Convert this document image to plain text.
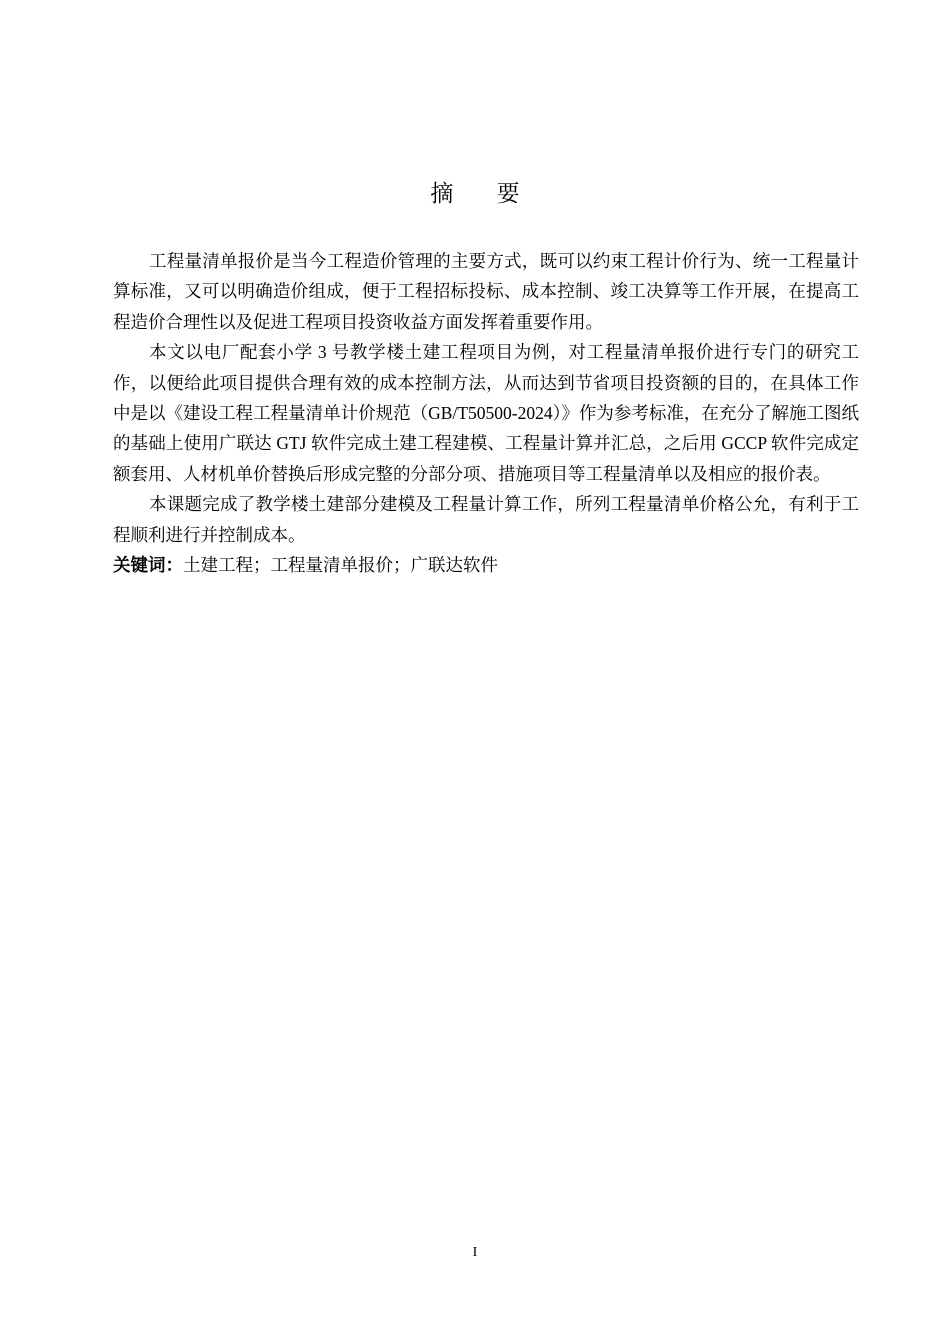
摘 要

工程量清单报价是当今工程造价管理的主要方式，既可以约束工程计价行为、统一工程量计算标准，又可以明确造价组成，便于工程招标投标、成本控制、竣工决算等工作开展，在提高工程造价合理性以及促进工程项目投资收益方面发挥着重要作用。

本文以电厂配套小学 3 号教学楼土建工程项目为例，对工程量清单报价进行专门的研究工作，以便给此项目提供合理有效的成本控制方法，从而达到节省项目投资额的目的，在具体工作中是以《建设工程工程量清单计价规范（GB/T50500-2024）》作为参考标准，在充分了解施工图纸的基础上使用广联达 GTJ 软件完成土建工程建模、工程量计算并汇总，之后用 GCCP 软件完成定额套用、人材机单价替换后形成完整的分部分项、措施项目等工程量清单以及相应的报价表。

本课题完成了教学楼土建部分建模及工程量计算工作，所列工程量清单价格公允，有利于工程顺利进行并控制成本。

关键词：土建工程；工程量清单报价；广联达软件

I
